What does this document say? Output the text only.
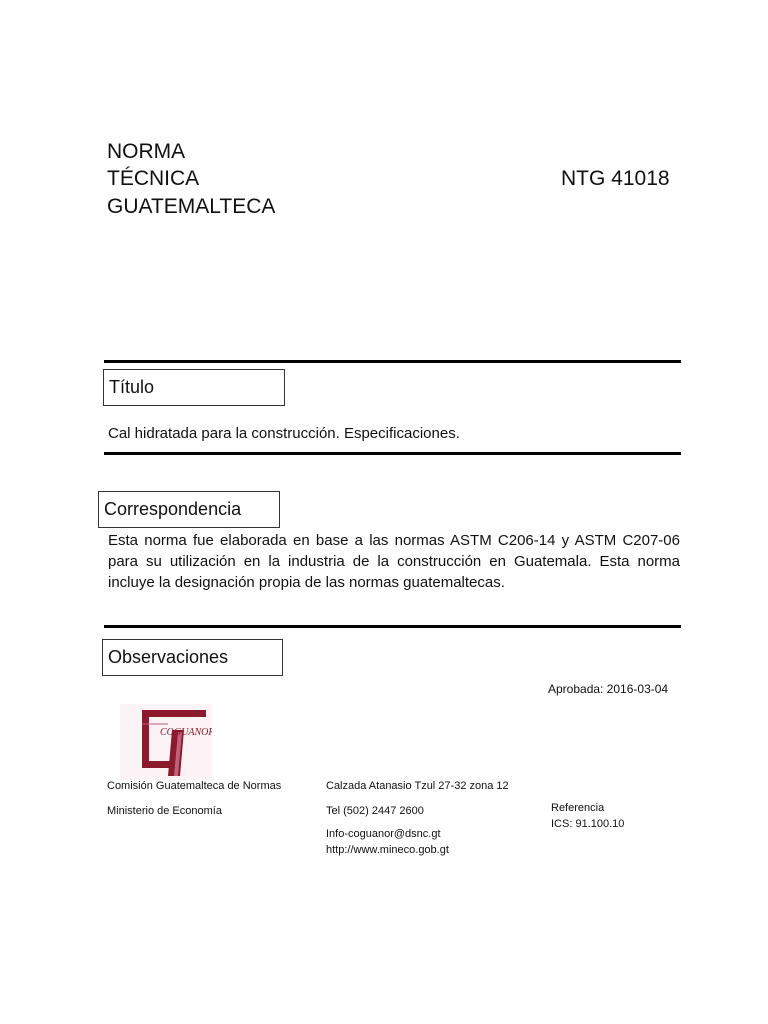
NORMA
TÉCNICA
GUATEMALTECA
NTG 41018
Título
Cal hidratada para la construcción. Especificaciones.
Correspondencia
Esta norma fue elaborada en base a las normas ASTM C206-14 y ASTM C207-06 para su utilización en la industria de la construcción en Guatemala. Esta norma incluye la designación propia de las normas guatemaltecas.
Observaciones
Aprobada: 2016-03-04
COGUANOR
Comisión Guatemalteca de Normas
Ministerio de Economía
Calzada Atanasio Tzul 27-32 zona 12
Tel (502) 2447 2600
Info-coguanor@dsnc.gt
http://www.mineco.gob.gt
Referencia
ICS: 91.100.10
